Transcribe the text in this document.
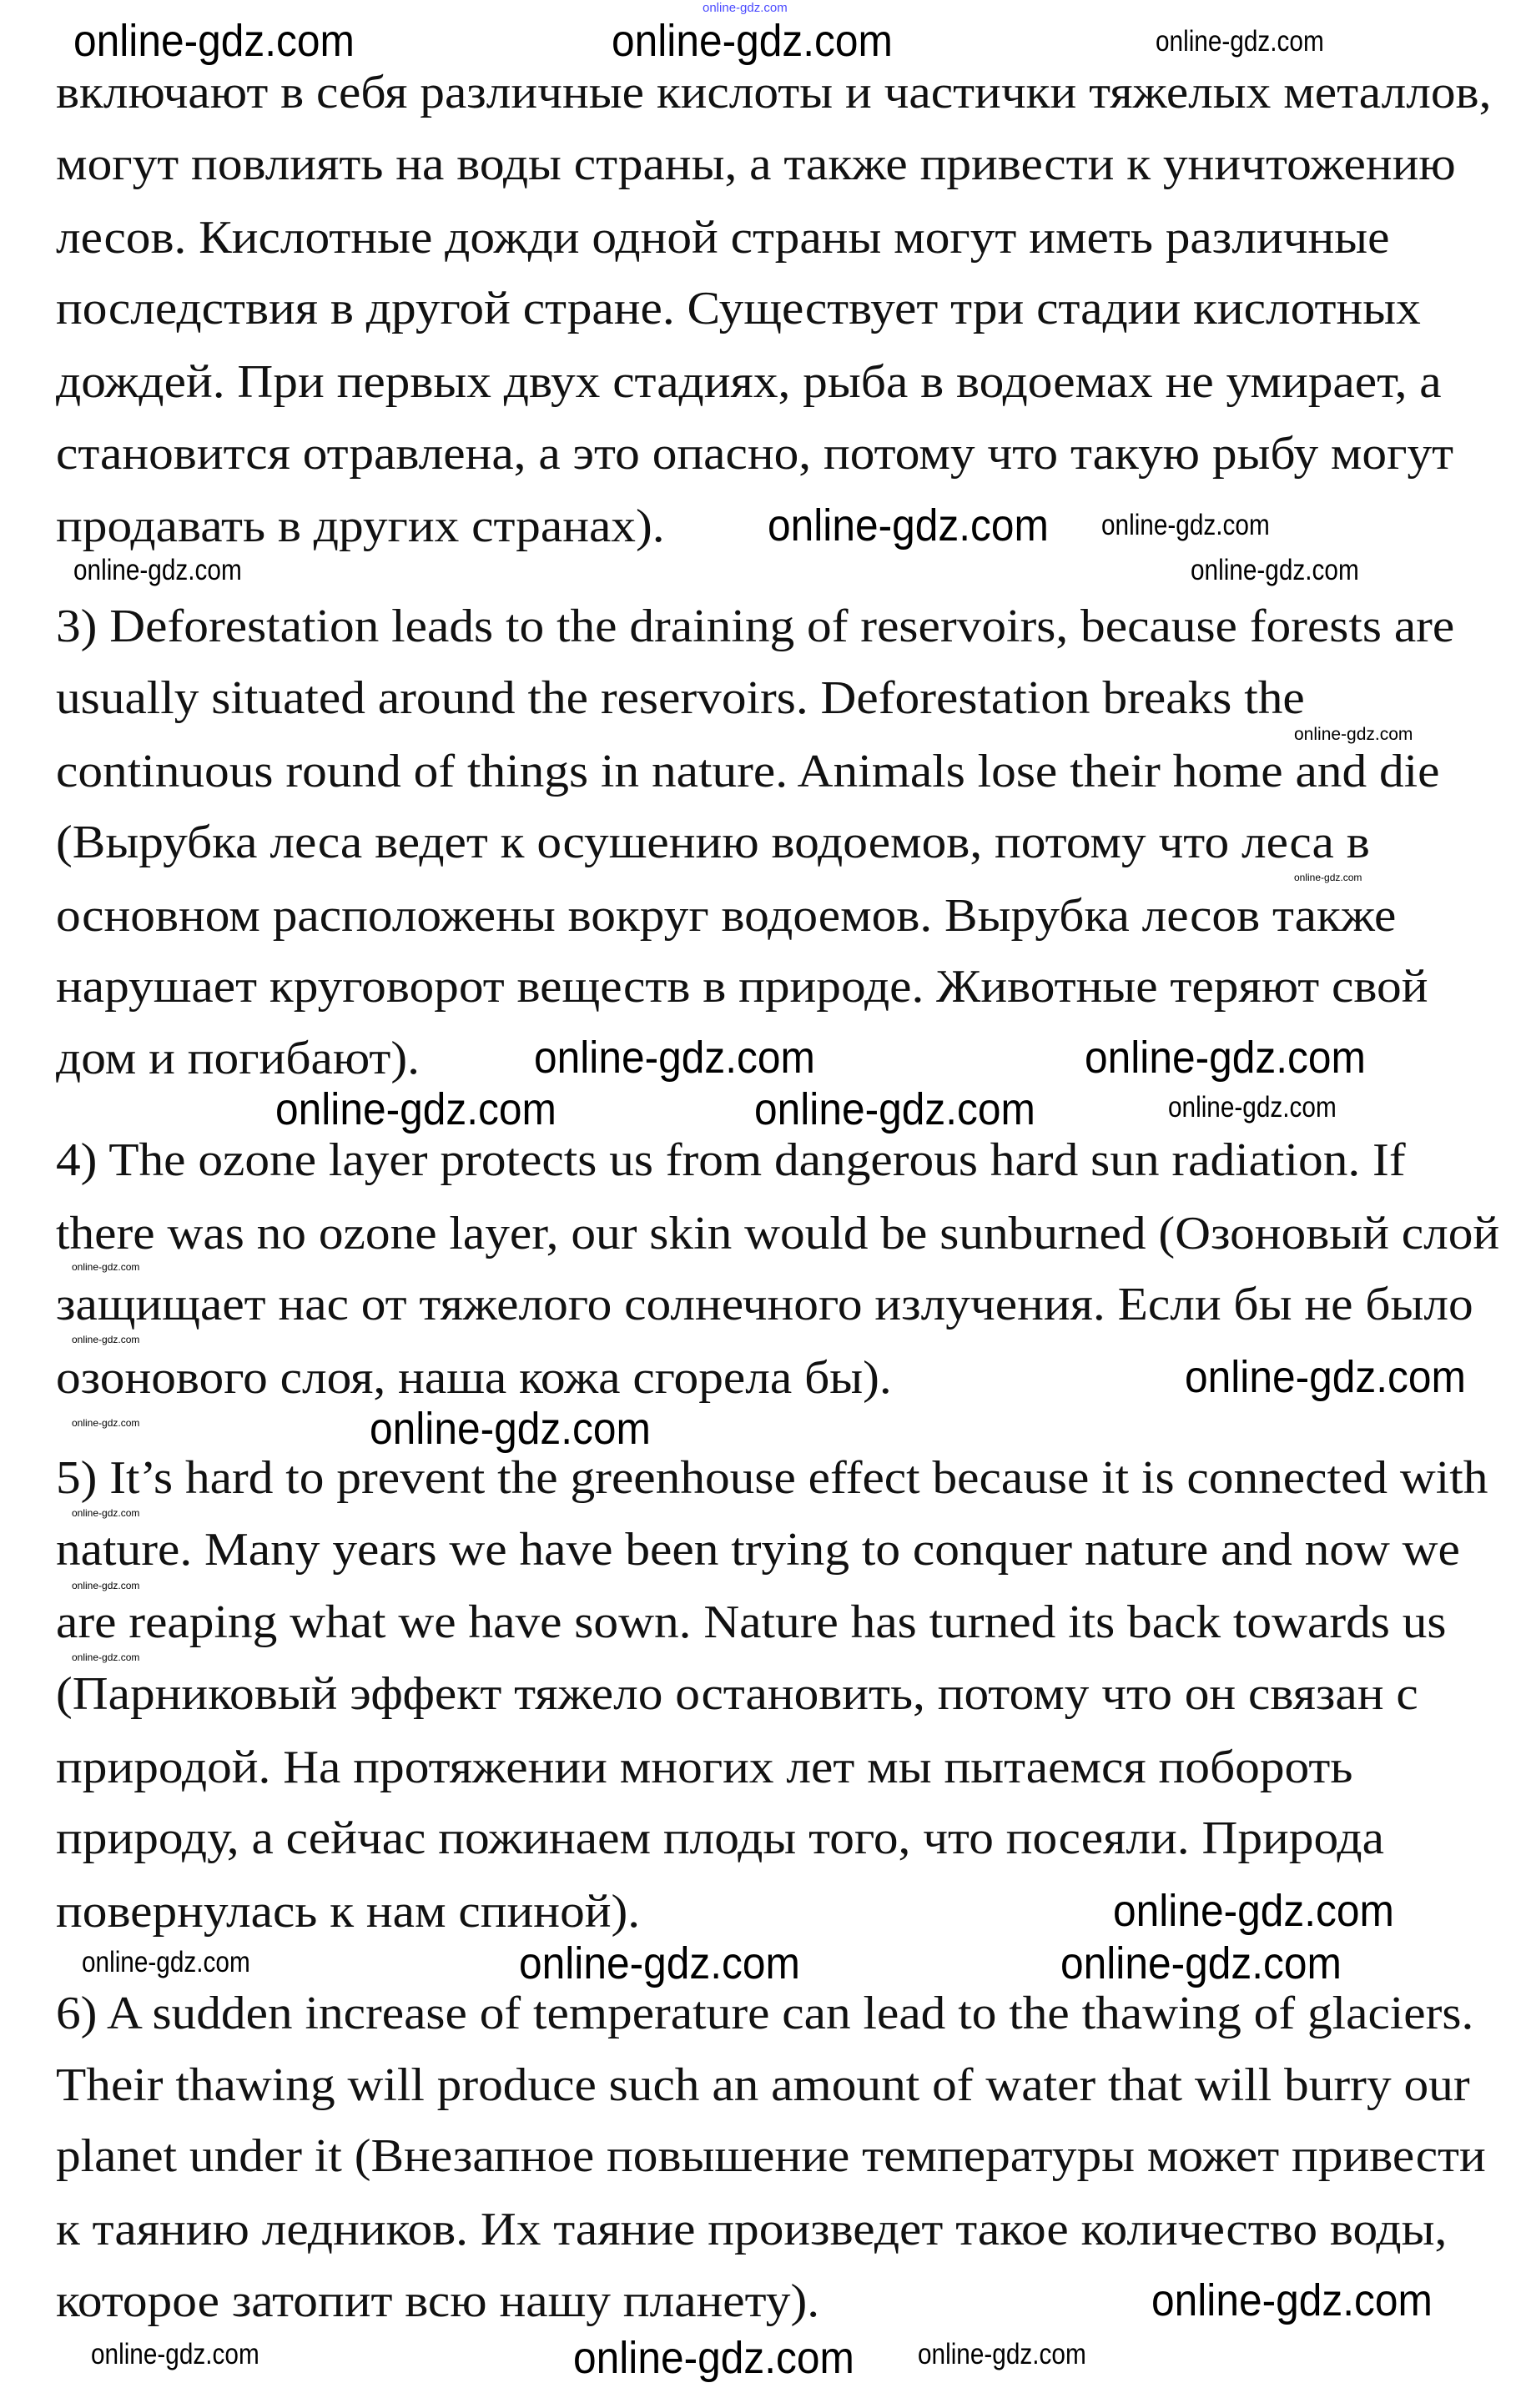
включают в себя различные кислоты и частички тяжелых металлов,
могут повлиять на воды страны, а также привести к уничтожению
лесов. Кислотные дожди одной страны могут иметь различные
последствия в другой стране. Существует три стадии кислотных
дождей. При первых двух стадиях, рыба в водоемах не умирает, а
становится отравлена, а это опасно, потому что такую рыбу могут
продавать в других странах).
3) Deforestation leads to the draining of reservoirs, because forests are
usually situated around the reservoirs. Deforestation breaks the
continuous round of things in nature. Animals lose their home and die
(Вырубка леса ведет к осушению водоемов, потому что леса в
основном расположены вокруг водоемов. Вырубка лесов также
нарушает круговорот веществ в природе. Животные теряют свой
дом и погибают).
4) The ozone layer protects us from dangerous hard sun radiation. If
there was no ozone layer, our skin would be sunburned (Озоновый слой
защищает нас от тяжелого солнечного излучения. Если бы не было
озонового слоя, наша кожа сгорела бы).
5) It’s hard to prevent the greenhouse effect because it is connected with
nature. Many years we have been trying to conquer nature and now we
are reaping what we have sown. Nature has turned its back towards us
(Парниковый эффект тяжело остановить, потому что он связан с
природой. На протяжении многих лет мы пытаемся побороть
природу, а сейчас пожинаем плоды того, что посеяли. Природа
повернулась к нам спиной).
6) A sudden increase of temperature can lead to the thawing of glaciers.
Their thawing will produce such an amount of water that will burry our
planet under it (Внезапное повышение температуры может привести
к таянию ледников. Их таяние произведет такое количество воды,
которое затопит всю нашу планету).
online-gdz.com
online-gdz.com	online-gdz.com	online-gdz.com
online-gdz.com
online-gdz.com
online-gdz.com
online-gdz.com
online-gdz.com
online-gdz.com	online-gdz.com
online-gdz.com
online-gdz.com
online-gdz.com
online-gdz.com
online-gdz.com
online-gdz.com
online-gdz.com
online-gdz.com
online-gdz.com
online-gdz.com
online-gdz.com
online-gdz.com
online-gdz.com
online-gdz.com
online-gdz.com
online-gdz.com
online-gdz.com
online-gdz.com
online-gdz.com
online-gdz.com
